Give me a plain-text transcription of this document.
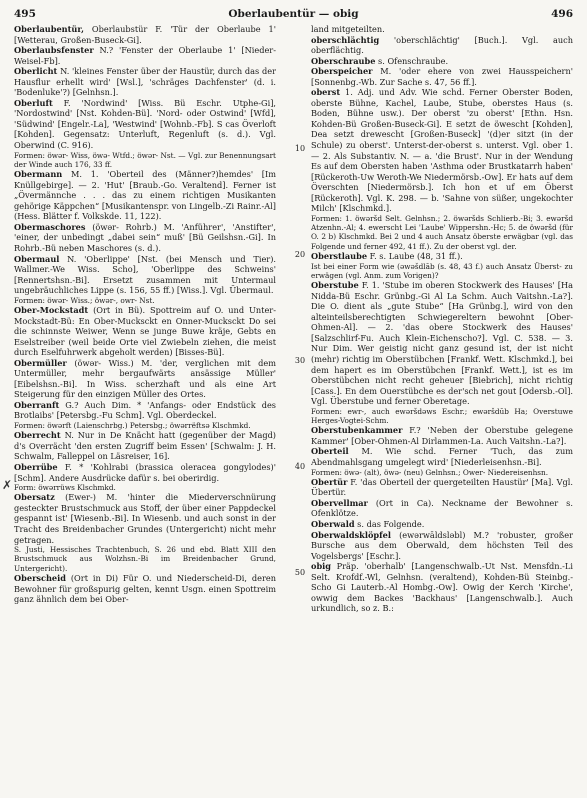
495	Oberlaubentür — obig	496
10
20
30
40
50
✗

Oberlaubentür, Oberlaubstür F. 'Tür der Oberlaube 1' [Wetterau, Großen-Buseck-Gi].

Oberlaubsfenster N.? 'Fenster der Oberlaube 1' [Nieder-Weisel-Fb].

Oberlicht N. 'kleines Fenster über der Haustür, durch das der Hausflur erhellt wird' [Wsl.], 'schräges Dachfenster' (d. i. 'Bodenluke'?) [Gelnhsn.].

Oberluft F. 'Nordwind' [Wiss. Bü Eschr. Utphe-Gi], 'Nordostwind' [Nst. Kohden-Bü]. 'Nord- oder Ostwind' [Wfd], 'Südwind' [Engelr.-La], 'Westwind' [Wohnb.-Fb]. S cas Överloft [Kohden]. Gegensatz: Unterluft, Regenluft (s. d.). Vgl. Oberwind (C. 916).

Formen: öwǝr- Wiss, öwǝ- Wtfd.; öwǝr- Nst. — Vgl. zur Benennungsart der Winde auch 176, 33 ff.

Obermann M. 1. 'Oberteil des (Männer?)hemdes' [Im Knüllgebirge]. — 2. 'Hut' [Braub.-Go. Veraltend]. Ferner ist „Övermännche . . . das zu einem richtigen Musikanten gehörige Käppchen“ [Musikantenspr. von Lingelb.-Zi Rainr.-Al] (Hess. Blätter f. Volkskde. 11, 122).

Obermaschores (öwǝr- Rohrb.) M. 'Anführer', 'Anstifter', 'einer, der unbedingt „dabei sein“ muß' [Bü Geilshsn.-Gi]. In Rohrb.-Bü neben Maschores (s. d.).

Obermaul N. 'Oberlippe' [Nst. (bei Mensch und Tier). Wallmer.-We Wiss. Scho], 'Oberlippe des Schweins' [Rennertshsn.-Bi]. Ersetzt zusammen mit Untermaul ungebräuchliches Lippe (s. 156, 55 ff.) [Wiss.]. Vgl. Übermaul.

Formen: öwǝr- Wiss.; öwǝr-, owr- Nst.

Ober-Mockstadt (Ort in Bü). Spottreim auf O. und Unter-Mockstadt-Bü: En Ober-Mucksckt en Onner-Mucksckt Do sei die schinnste Weiwer, Wenn se junge Buwe kräje, Gebts en Eselstreiber (weil beide Orte viel Zwiebeln ziehen, die meist durch Eselfuhrwerk abgeholt werden) [Bisses-Bü].

Obermüller (öwǝr- Wiss.) M. 'der, verglichen mit dem Untermüller, mehr bergaufwärts ansässige Müller' [Eibelshsn.-Bi]. In Wiss. scherzhaft und als eine Art Steigerung für den einzigen Müller des Ortes.

Oberranft G.? Auch Dim. * 'Anfangs- oder Endstück des Brotlaibs' [Petersbg.-Fu Schm]. Vgl. Oberdeckel.

Formen: öwǝrft (Laienschrbg.) Petersbg.; öwǝrrëftsǝ Klschmkd.

Oberrecht N. Nur in De Knächt hatt (gegenüber der Magd) d's Overrächt 'den ersten Zugriff beim Essen' [Schwalm: J. H. Schwalm, Falleppel on Läsreiser, 16].

Oberrübe F. * 'Kohlrabi (brassica oleracea gongylodes)' [Schm]. Andere Ausdrücke dafür s. bei oberirdig.

Form: öwǝrrüws Klschmkd.

Obersatz (Ewer-) M. 'hinter die Miederverschnürung gesteckter Brustschmuck aus Stoff, der über einer Pappdeckel gespannt ist' [Wiesenb.-Bi]. In Wiesenb. und auch sonst in der Tracht des Breidenbacher Grundes (Untergericht) nicht mehr getragen.

S. Justi, Hessisches Trachtenbuch, S. 26 und ebd. Blatt XIII den Brustschmuck aus Wolzhsn.-Bi im Breidenbacher Grund, Untergericht).

Oberscheid (Ort in Di) Für O. und Niederscheid-Di, deren Bewohner für großspurig gelten, kennt Usgn. einen Spottreim ganz ähnlich dem bei Ober-

land mitgeteilten.

oberschlächtig 'oberschlächtig' [Buch.]. Vgl. auch oberflächtig.

Oberschraube s. Ofenschraube.

Oberspeicher M. 'oder ehere von zwei Hausspeichern' [Sonnenbg.-Wb. Zur Sache s. 47, 56 ff.].

oberst 1. Adj. und Adv. Wie schd. Ferner Oberster Boden, oberste Bühne, Kachel, Laube, Stube, oberstes Haus (s. Boden, Bühne usw.). Der oberst 'zu oberst' [Ethn. Hsn. Kohden-Bü Großen-Buseck-Gi]. E setzt de öwescht [Kohden], Dea setzt drewescht [Großen-Buseck] '(d)er sitzt (in der Schule) zu oberst'. Unterst-der-oberst s. unterst. Vgl. ober 1. — 2. Als Substantiv. N. — a. 'die Brust'. Nur in der Wendung Es auf dem Obersten haben 'Asthma oder Brustkatarrh haben' [Rückeroth-Uw Weroth-We Niedermörsb.-Ow]. Er hats auf dem Överschten [Niedermörsb.]. Ich hon et uf em Öberst [Rückeroth]. Vgl. K. 298. — b. 'Sahne von süßer, ungekochter Milch' [Klschmkd.].

Formen: 1. öwǝršd Selt. Gelnhsn.; 2. öwǝršds Schlierb.-Bi; 3. ewǝršd Atzenhn.-Al; 4. ewerscht Lei 'Laube' Wippershn.-Hc; 5. de öwǝršd (für O. 2 b) Klschmkd. Bei 2 und 4 auch Ansatz öberste erwägbar (vgl. das Folgende und ferner 492, 41 ff.). Zu der oberst vgl. der.

Oberstlaube F. s. Laube (48, 31 ff.).

Ist bei einer Form wie (ǝwǝšdlāb (s. 48, 43 f.) auch Ansatz Überst- zu erwägen (vgl. Anm. zum Vorigen)?

Oberstube F. 1. 'Stube im oberen Stockwerk des Hauses' [Ha Nidda-Bü Eschr. Grünbg.-Gi Al La Schm. Auch Vaitshn.-La?]. Die O. dient als „gute Stube“ [Ha Grünbg.], wird von den alteinteilsberechtigten Schwiegereltern bewohnt [Ober-Ohmen-Al]. — 2. 'das obere Stockwerk des Hauses' [Salzschlirf-Fu. Auch Klein-Eichenscho?]. Vgl. C. 538. — 3. Nur Dim. Wer geistig nicht ganz gesund ist, der ist nicht (mehr) richtig im Oberstübchen [Frankf. Wett. Klschmkd.], bei dem hapert es im Oberstübchen [Frankf. Wett.], ist es im Oberstübchen nicht recht geheuer [Biebrich], nicht richtig [Cass.]. En dem Ouerstübche es der'sch net gout [Odersb.-Ol]. Vgl. Überstube und ferner Oberetage.

Formen: ewr-, auch ewǝršdǝws Eschr.; ewǝršdūb Ha; Overstuwe Herges-Vogtei-Schm.

Oberstubenkammer F.? 'Neben der Oberstube gelegene Kammer' [Ober-Ohmen-Al Dirlammen-La. Auch Vaitshn.-La?].

Oberteil M. Wie schd. Ferner 'Tuch, das zum Abendmahlsgang umgelegt wird' [Niederleisenhsn.-Bi].

Formen: öwǝ- (alt), öwǝ- (neu) Gelnhsn.; Ower- Niedereisenhsn.

Obertür F. 'das Oberteil der quergeteilten Haustür' [Ma]. Vgl. Übertür.

Obervellmar (Ort in Ca). Neckname der Bewohner s. Ofenklötze.

Oberwald s. das Folgende.

Oberwaldsklöpfel (ewǝrwāldslǝbl) M.? 'robuster, großer Bursche aus dem Oberwald, dem höchsten Teil des Vogelsbergs' [Eschr.].

obig Präp. 'oberhalb' [Langenschwalb.-Ut Nst. Mensfdn.-Li Selt. Krofdf.-Wl, Gelnhsn. (veraltend), Kohden-Bü Steinbg.-Scho Gi Lauterb.-Al Hombg.-Ow]. Owig der Kerch 'Kirche', owwig dem Backes 'Backhaus' [Langenschwalb.]. Auch urkundlich, so z. B.:
